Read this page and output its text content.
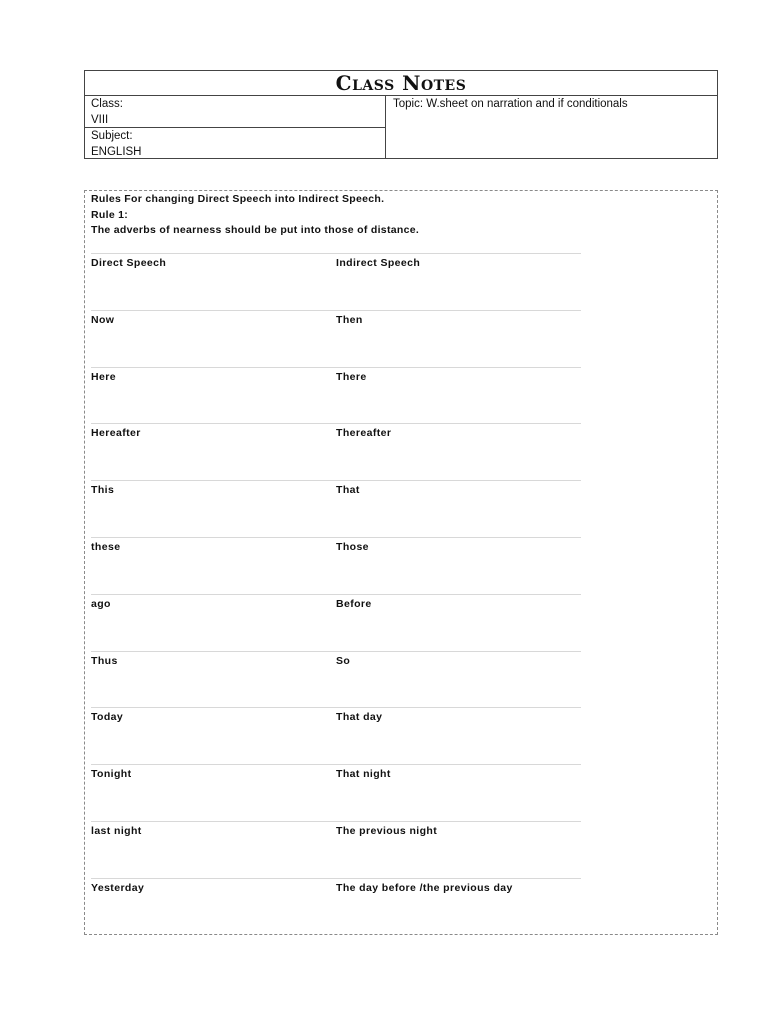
Class Notes
Class:
VIII
Subject:
ENGLISH
Topic: W.sheet on narration and if conditionals
Rules For changing Direct Speech into Indirect Speech.
Rule 1:
The adverbs of nearness should be put into those of distance.
Direct Speech	Indirect Speech
Now	Then
Here	There
Hereafter	Thereafter
This	That
these	Those
ago	Before
Thus	So
Today	That day
Tonight	That night
last night	The previous night
Yesterday	The day before /the previous day
